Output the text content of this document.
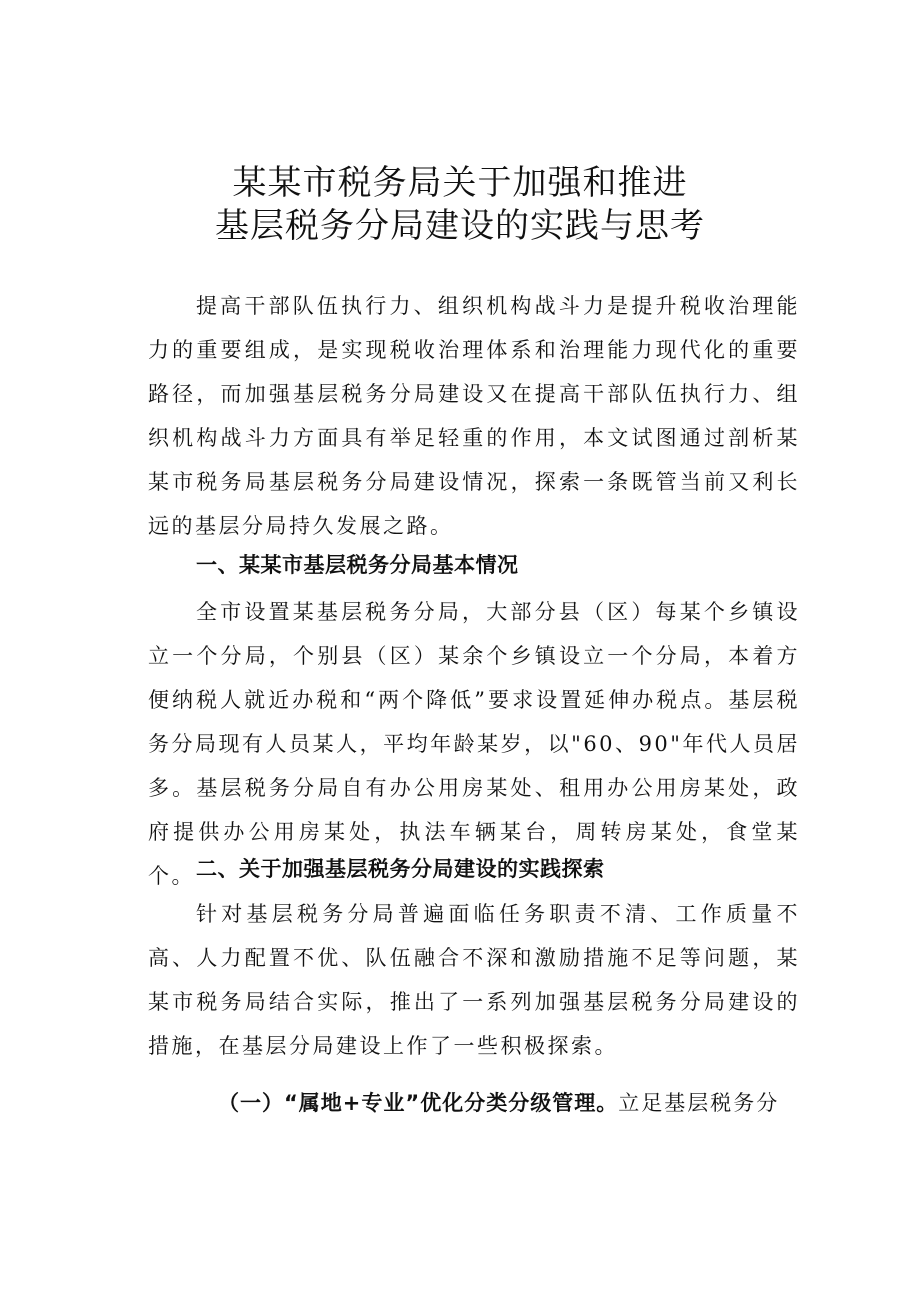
某某市税务局关于加强和推进
基层税务分局建设的实践与思考

提高干部队伍执行力、组织机构战斗力是提升税收治理能力的重要组成，是实现税收治理体系和治理能力现代化的重要路径，而加强基层税务分局建设又在提高干部队伍执行力、组织机构战斗力方面具有举足轻重的作用，本文试图通过剖析某某市税务局基层税务分局建设情况，探索一条既管当前又利长远的基层分局持久发展之路。

一、某某市基层税务分局基本情况

全市设置某基层税务分局，大部分县（区）每某个乡镇设立一个分局，个别县（区）某余个乡镇设立一个分局，本着方便纳税人就近办税和“两个降低”要求设置延伸办税点。基层税务分局现有人员某人，平均年龄某岁，以"60、90"年代人员居多。基层税务分局自有办公用房某处、租用办公用房某处，政府提供办公用房某处，执法车辆某台，周转房某处，食堂某个。 二、关于加强基层税务分局建设的实践探索

针对基层税务分局普遍面临任务职责不清、工作质量不高、人力配置不优、队伍融合不深和激励措施不足等问题，某某市税务局结合实际，推出了一系列加强基层税务分局建设的措施，在基层分局建设上作了一些积极探索。

（一）“属地+专业”优化分类分级管理。立足基层税务分
